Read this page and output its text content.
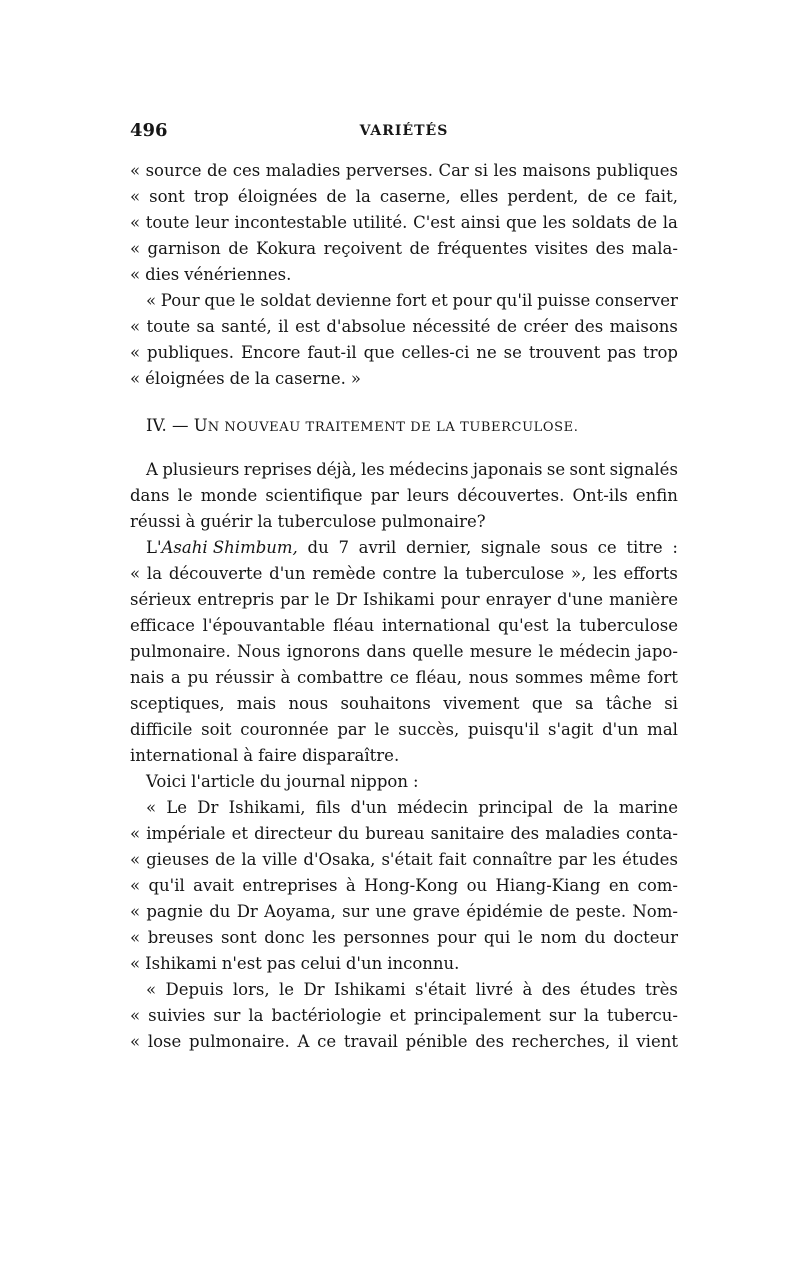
496	VARIÉTÉS
« source de ces maladies perverses. Car si les maisons publiques
« sont trop éloignées de la caserne, elles perdent, de ce fait,
« toute leur incontestable utilité. C'est ainsi que les soldats de la
« garnison de Kokura reçoivent de fréquentes visites des mala-
« dies vénériennes.
« Pour que le soldat devienne fort et pour qu'il puisse conserver
« toute sa santé, il est d'absolue nécessité de créer des maisons
« publiques. Encore faut-il que celles-ci ne se trouvent pas trop
« éloignées de la caserne. »
A plusieurs reprises déjà, les médecins japonais se sont signalés
dans le monde scientifique par leurs découvertes. Ont-ils enfin
réussi à guérir la tuberculose pulmonaire?
L'Asahi Shimbum, du 7 avril dernier, signale sous ce titre :
« la découverte d'un remède contre la tuberculose », les efforts
sérieux entrepris par le Dr Ishikami pour enrayer d'une manière
efficace l'épouvantable fléau international qu'est la tuberculose
pulmonaire. Nous ignorons dans quelle mesure le médecin japo-
nais a pu réussir à combattre ce fléau, nous sommes même fort
sceptiques, mais nous souhaitons vivement que sa tâche si
difficile soit couronnée par le succès, puisqu'il s'agit d'un mal
international à faire disparaître.
Voici l'article du journal nippon :
« Le Dr Ishikami, fils d'un médecin principal de la marine
« impériale et directeur du bureau sanitaire des maladies conta-
« gieuses de la ville d'Osaka, s'était fait connaître par les études
« qu'il avait entreprises à Hong-Kong ou Hiang-Kiang en com-
« pagnie du Dr Aoyama, sur une grave épidémie de peste. Nom-
« breuses sont donc les personnes pour qui le nom du docteur
« Ishikami n'est pas celui d'un inconnu.
« Depuis lors, le Dr Ishikami s'était livré à des études très
« suivies sur la bactériologie et principalement sur la tubercu-
« lose pulmonaire. A ce travail pénible des recherches, il vient
IV. — UN NOUVEAU TRAITEMENT DE LA TUBERCULOSE.
